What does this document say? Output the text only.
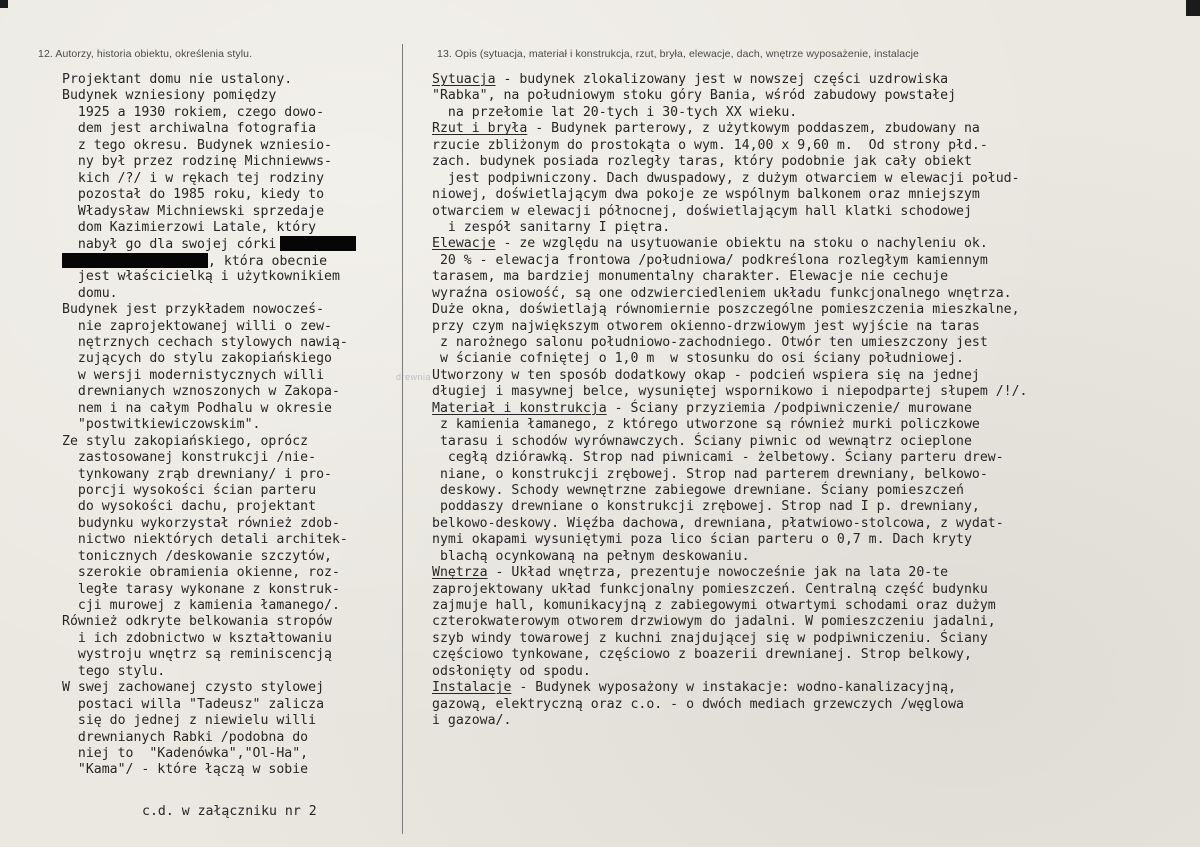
12. Autorzy, historia obiektu, określenia stylu.	13. Opis (sytuacja, materiał i konstrukcja, rzut, bryła, elewacje, dach, wnętrze wyposażenie, instalacje
Projektant domu nie ustalony.
Budynek wzniesiony pomiędzy
1925 a 1930 rokiem, czego dowo-
dem jest archiwalna fotografia
z tego okresu. Budynek wzniesio-
ny był przez rodzinę Michniewws-
kich /?/ i w rękach tej rodziny
pozostał do 1985 roku, kiedy to
Władysław Michniewski sprzedaje
dom Kazimierzowi Latale, który
nabył go dla swojej córki
, która obecnie
jest właścicielką i użytkownikiem
domu.
Budynek jest przykładem nowocześ-
nie zaprojektowanej willi o zew-
nętrznych cechach stylowych nawią-
zujących do stylu zakopiańskiego
w wersji modernistycznych willi
drewnianych wznoszonych w Zakopa-
nem i na całym Podhalu w okresie
"postwitkiewiczowskim".
Ze stylu zakopiańskiego, oprócz
zastosowanej konstrukcji /nie-
tynkowany zrąb drewniany/ i pro-
porcji wysokości ścian parteru
do wysokości dachu, projektant
budynku wykorzystał również zdob-
nictwo niektórych detali architek-
tonicznych /deskowanie szczytów,
szerokie obramienia okienne, roz-
ległe tarasy wykonane z konstruk-
cji murowej z kamienia łamanego/.
Również odkryte belkowania stropów
i ich zdobnictwo w kształtowaniu
wystroju wnętrz są reminiscencją
tego stylu.
W swej zachowanej czysto stylowej
postaci willa "Tadeusz" zalicza
się do jednej z niewielu willi
drewnianych Rabki /podobna do
niej to  "Kadenówka","Ol-Ha",
"Kama"/ - które łączą w sobie
Sytuacja - budynek zlokalizowany jest w nowszej części uzdrowiska
"Rabka", na południowym stoku góry Bania, wśród zabudowy powstałej
na przełomie lat 20-tych i 30-tych XX wieku.
Rzut i bryła - Budynek parterowy, z użytkowym poddaszem, zbudowany na
rzucie zbliżonym do prostokąta o wym. 14,00 x 9,60 m.  Od strony płd.-
zach. budynek posiada rozległy taras, który podobnie jak cały obiekt
jest podpiwniczony. Dach dwuspadowy, z dużym otwarciem w elewacji połud-
niowej, doświetlającym dwa pokoje ze wspólnym balkonem oraz mniejszym
otwarciem w elewacji północnej, doświetlającym hall klatki schodowej
i zespół sanitarny I piętra.
Elewacje - ze względu na usytuowanie obiektu na stoku o nachyleniu ok.
20 % - elewacja frontowa /południowa/ podkreślona rozległym kamiennym
tarasem, ma bardziej monumentalny charakter. Elewacje nie cechuje
wyraźna osiowość, są one odzwierciedleniem układu funkcjonalnego wnętrza.
Duże okna, doświetlają równomiernie poszczególne pomieszczenia mieszkalne,
przy czym największym otworem okienno-drzwiowym jest wyjście na taras
z narożnego salonu południowo-zachodniego. Otwór ten umieszczony jest
w ścianie cofniętej o 1,0 m  w stosunku do osi ściany południowej.
Utworzony w ten sposób dodatkowy okap - podcień wspiera się na jednej
długiej i masywnej belce, wysuniętej wspornikowo i niepodpartej słupem /!/.
Materiał i konstrukcja - Ściany przyziemia /podpiwniczenie/ murowane
z kamienia łamanego, z którego utworzone są również murki policzkowe
tarasu i schodów wyrównawczych. Ściany piwnic od wewnątrz ocieplone
cegłą dziórawką. Strop nad piwnicami - żelbetowy. Ściany parteru drew-
niane, o konstrukcji zrębowej. Strop nad parterem drewniany, belkowo-
deskowy. Schody wewnętrzne zabiegowe drewniane. Ściany pomieszczeń
poddaszy drewniane o konstrukcji zrębowej. Strop nad I p. drewniany,
belkowo-deskowy. Więźba dachowa, drewniana, płatwiowo-stolcowa, z wydat-
nymi okapami wysuniętymi poza lico ścian parteru o 0,7 m. Dach kryty
blachą ocynkowaną na pełnym deskowaniu.
Wnętrza - Układ wnętrza, prezentuje nowocześnie jak na lata 20-te
zaprojektowany układ funkcjonalny pomieszczeń. Centralną część budynku
zajmuje hall, komunikacyjną z zabiegowymi otwartymi schodami oraz dużym
czterokwaterowym otworem drzwiowym do jadalni. W pomieszczeniu jadalni,
szyb windy towarowej z kuchni znajdującej się w podpiwniczeniu. Ściany
częściowo tynkowane, częściowo z boazerii drewnianej. Strop belkowy,
odsłonięty od spodu.
Instalacje - Budynek wyposażony w instakacje: wodno-kanalizacyjną,
gazową, elektryczną oraz c.o. - o dwóch mediach grzewczych /węglowa
i gazowa/.
c.d. w załączniku nr 2
drewnia
